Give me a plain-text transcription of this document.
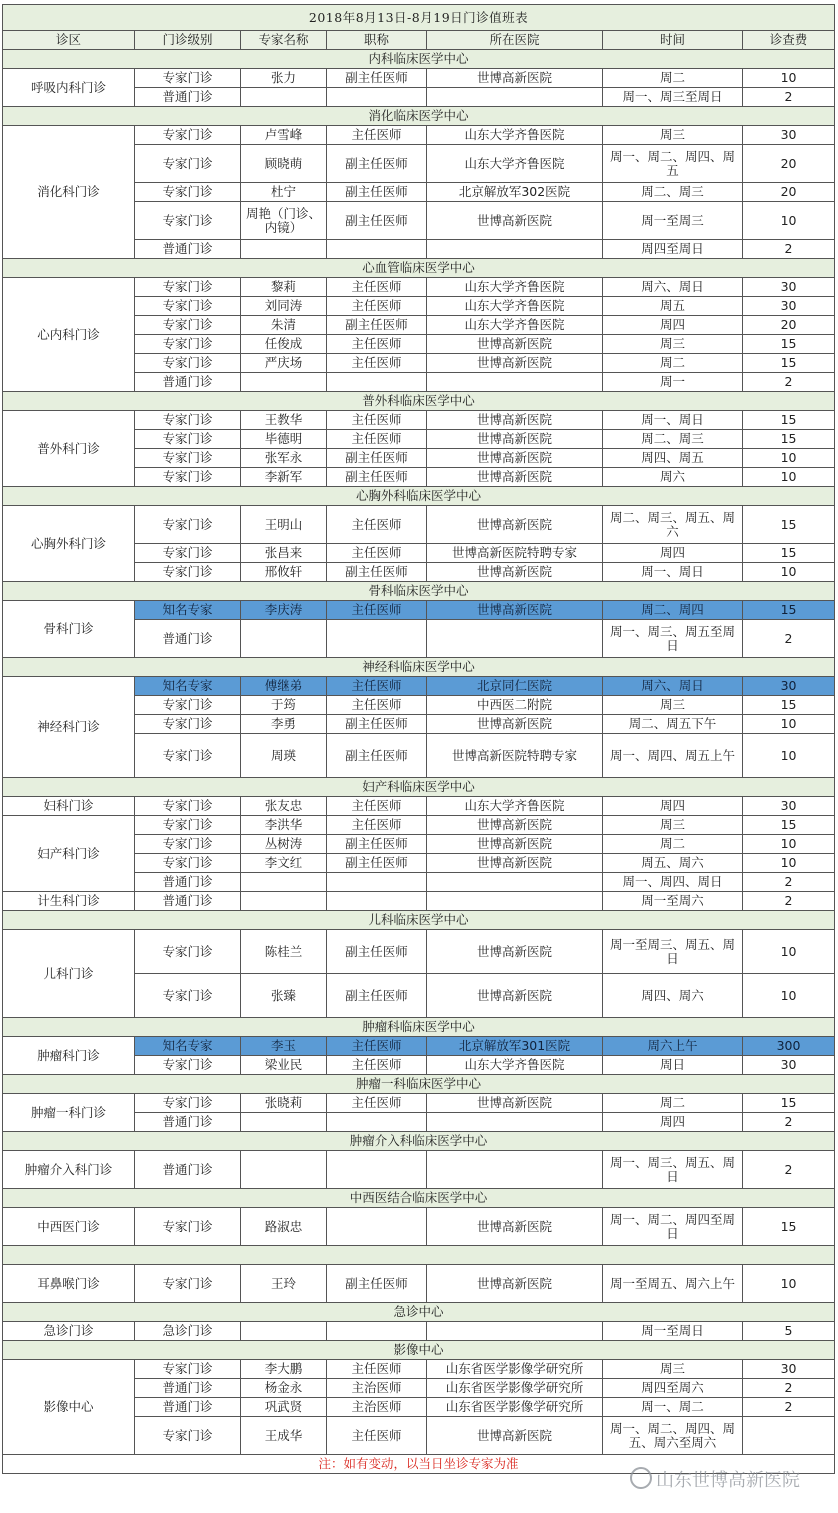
2018年8月13日-8月19日门诊值班表						
诊区	门诊级别	专家名称	职称	所在医院	时间	诊查费
内科临床医学中心						
呼吸内科门诊	专家门诊	张力	副主任医师	世博高新医院	周二	10
	普通门诊				周一、周三至周日	2
消化临床医学中心						
消化科门诊	专家门诊	卢雪峰	主任医师	山东大学齐鲁医院	周三	30
	专家门诊	顾晓萌	副主任医师	山东大学齐鲁医院	周一、周二、周四、周五	20
	专家门诊	杜宁	副主任医师	北京解放军302医院	周二、周三	20
	专家门诊	周艳（门诊、内镜）	副主任医师	世博高新医院	周一至周三	10
	普通门诊				周四至周日	2
心血管临床医学中心						
心内科门诊	专家门诊	黎莉	主任医师	山东大学齐鲁医院	周六、周日	30
	专家门诊	刘同涛	主任医师	山东大学齐鲁医院	周五	30
	专家门诊	朱清	副主任医师	山东大学齐鲁医院	周四	20
	专家门诊	任俊成	主任医师	世博高新医院	周三	15
	专家门诊	严庆场	主任医师	世博高新医院	周二	15
	普通门诊				周一	2
普外科临床医学中心						
普外科门诊	专家门诊	王教华	主任医师	世博高新医院	周一、周日	15
	专家门诊	毕德明	主任医师	世博高新医院	周二、周三	15
	专家门诊	张军永	副主任医师	世博高新医院	周四、周五	10
	专家门诊	李新军	副主任医师	世博高新医院	周六	10
心胸外科临床医学中心						
心胸外科门诊	专家门诊	王明山	主任医师	世博高新医院	周二、周三、周五、周六	15
	专家门诊	张昌来	主任医师	世博高新医院特聘专家	周四	15
	专家门诊	邢攸轩	副主任医师	世博高新医院	周一、周日	10
骨科临床医学中心						
骨科门诊	知名专家	李庆涛	主任医师	世博高新医院	周二、周四	15
	普通门诊				周一、周三、周五至周日	2
神经科临床医学中心						
神经科门诊	知名专家	傅继弟	主任医师	北京同仁医院	周六、周日	30
	专家门诊	于筠	主任医师	中西医二附院	周三	15
	专家门诊	李勇	副主任医师	世博高新医院	周二、周五下午	10
	专家门诊	周瑛	副主任医师	世博高新医院特聘专家	周一、周四、周五上午	10
妇产科临床医学中心						
妇科门诊	专家门诊	张友忠	主任医师	山东大学齐鲁医院	周四	30
妇产科门诊	专家门诊	李洪华	主任医师	世博高新医院	周三	15
	专家门诊	丛树涛	副主任医师	世博高新医院	周二	10
	专家门诊	李文红	副主任医师	世博高新医院	周五、周六	10
	普通门诊				周一、周四、周日	2
计生科门诊	普通门诊				周一至周六	2
儿科临床医学中心						
儿科门诊	专家门诊	陈桂兰	副主任医师	世博高新医院	周一至周三、周五、周日	10
	专家门诊	张臻	副主任医师	世博高新医院	周四、周六	10
肿瘤科临床医学中心						
肿瘤科门诊	知名专家	李玉	主任医师	北京解放军301医院	周六上午	300
	专家门诊	梁业民	主任医师	山东大学齐鲁医院	周日	30
肿瘤一科临床医学中心						
肿瘤一科门诊	专家门诊	张晓莉	主任医师	世博高新医院	周二	15
	普通门诊				周四	2
肿瘤介入科临床医学中心						
肿瘤介入科门诊	普通门诊				周一、周三、周五、周日	2
中西医结合临床医学中心						
中西医门诊	专家门诊	路淑忠		世博高新医院	周一、周二、周四至周日	15

耳鼻喉门诊	专家门诊	王玲	副主任医师	世博高新医院	周一至周五、周六上午	10
急诊中心						
急诊门诊	急诊门诊				周一至周日	5
影像中心						
影像中心	专家门诊	李大鹏	主任医师	山东省医学影像学研究所	周三	30
	普通门诊	杨金永	主治医师	山东省医学影像学研究所	周四至周六	2
	普通门诊	巩武贤	主治医师	山东省医学影像学研究所	周一、周二	2
	专家门诊	王成华	主任医师	世博高新医院	周一、周二、周四、周五、周六至周六	
注：如有变动，以当日坐诊专家为准						
山东世博高新医院
